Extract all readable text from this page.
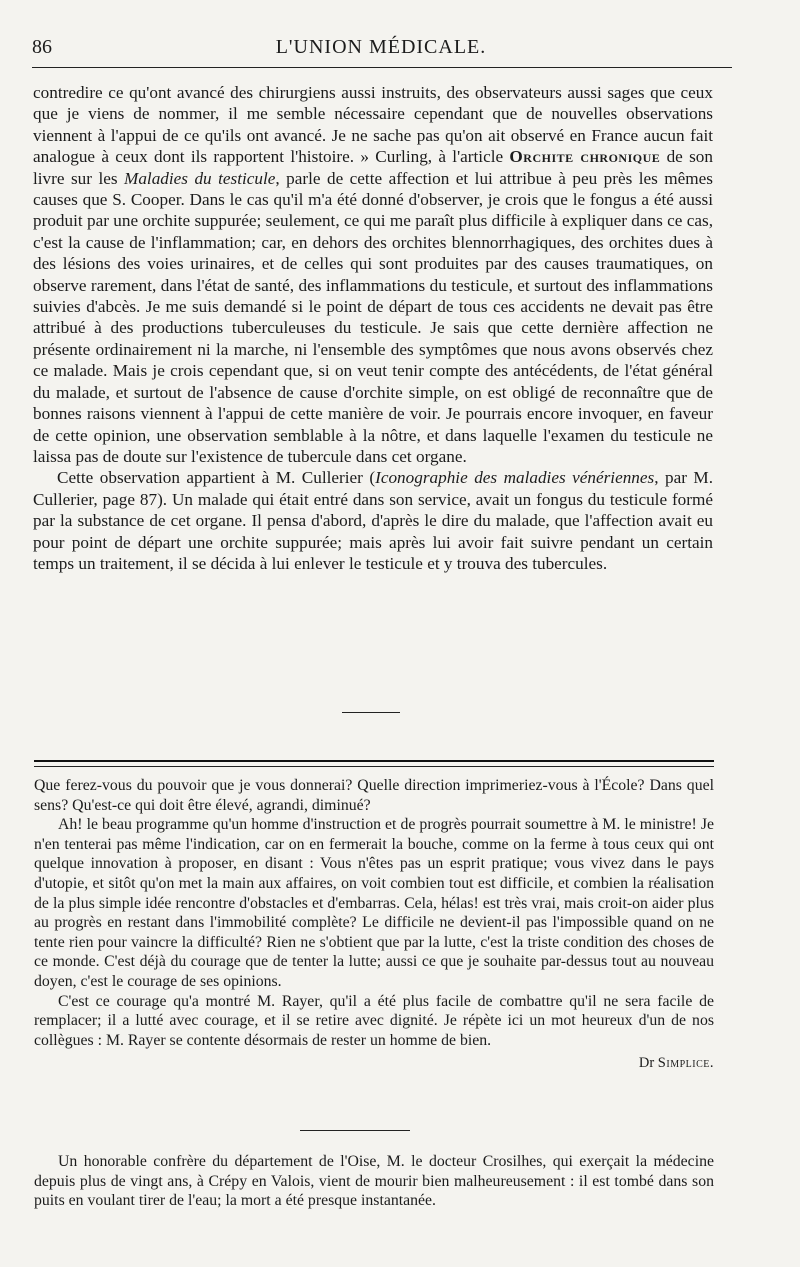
86	L'UNION MÉDICALE.

contredire ce qu'ont avancé des chirurgiens aussi instruits, des observateurs aussi sages que ceux que je viens de nommer, il me semble nécessaire cependant que de nouvelles observations viennent à l'appui de ce qu'ils ont avancé. Je ne sache pas qu'on ait observé en France aucun fait analogue à ceux dont ils rapportent l'histoire. » Curling, à l'article Orchite chronique de son livre sur les Maladies du testicule, parle de cette affection et lui attribue à peu près les mêmes causes que S. Cooper. Dans le cas qu'il m'a été donné d'observer, je crois que le fongus a été aussi produit par une orchite suppurée; seulement, ce qui me paraît plus difficile à expliquer dans ce cas, c'est la cause de l'inflammation; car, en dehors des orchites blennorrhagiques, des orchites dues à des lésions des voies urinaires, et de celles qui sont produites par des causes traumatiques, on observe rarement, dans l'état de santé, des inflammations du testicule, et surtout des inflammations suivies d'abcès. Je me suis demandé si le point de départ de tous ces accidents ne devait pas être attribué à des productions tuberculeuses du testicule. Je sais que cette dernière affection ne présente ordinairement ni la marche, ni l'ensemble des symptômes que nous avons observés chez ce malade. Mais je crois cependant que, si on veut tenir compte des antécédents, de l'état général du malade, et surtout de l'absence de cause d'orchite simple, on est obligé de reconnaître que de bonnes raisons viennent à l'appui de cette manière de voir. Je pourrais encore invoquer, en faveur de cette opinion, une observation semblable à la nôtre, et dans laquelle l'examen du testicule ne laissa pas de doute sur l'existence de tubercule dans cet organe.

Cette observation appartient à M. Cullerier (Iconographie des maladies vénériennes, par M. Cullerier, page 87). Un malade qui était entré dans son service, avait un fongus du testicule formé par la substance de cet organe. Il pensa d'abord, d'après le dire du malade, que l'affection avait eu pour point de départ une orchite suppurée; mais après lui avoir fait suivre pendant un certain temps un traitement, il se décida à lui enlever le testicule et y trouva des tubercules.

Que ferez-vous du pouvoir que je vous donnerai? Quelle direction imprimeriez-vous à l'École? Dans quel sens? Qu'est-ce qui doit être élevé, agrandi, diminué?

Ah! le beau programme qu'un homme d'instruction et de progrès pourrait soumettre à M. le ministre! Je n'en tenterai pas même l'indication, car on en fermerait la bouche, comme on la ferme à tous ceux qui ont quelque innovation à proposer, en disant : Vous n'êtes pas un esprit pratique; vous vivez dans le pays d'utopie, et sitôt qu'on met la main aux affaires, on voit combien tout est difficile, et combien la réalisation de la plus simple idée rencontre d'obstacles et d'embarras. Cela, hélas! est très vrai, mais croit-on aider plus au progrès en restant dans l'immobilité complète? Le difficile ne devient-il pas l'impossible quand on ne tente rien pour vaincre la difficulté? Rien ne s'obtient que par la lutte, c'est la triste condition des choses de ce monde. C'est déjà du courage que de tenter la lutte; aussi ce que je souhaite par-dessus tout au nouveau doyen, c'est le courage de ses opinions.

C'est ce courage qu'a montré M. Rayer, qu'il a été plus facile de combattre qu'il ne sera facile de remplacer; il a lutté avec courage, et il se retire avec dignité. Je répète ici un mot heureux d'un de nos collègues : M. Rayer se contente désormais de rester un homme de bien.

Dr Simplice.

Un honorable confrère du département de l'Oise, M. le docteur Crosilhes, qui exerçait la médecine depuis plus de vingt ans, à Crépy en Valois, vient de mourir bien malheureusement : il est tombé dans son puits en voulant tirer de l'eau; la mort a été presque instantanée.
